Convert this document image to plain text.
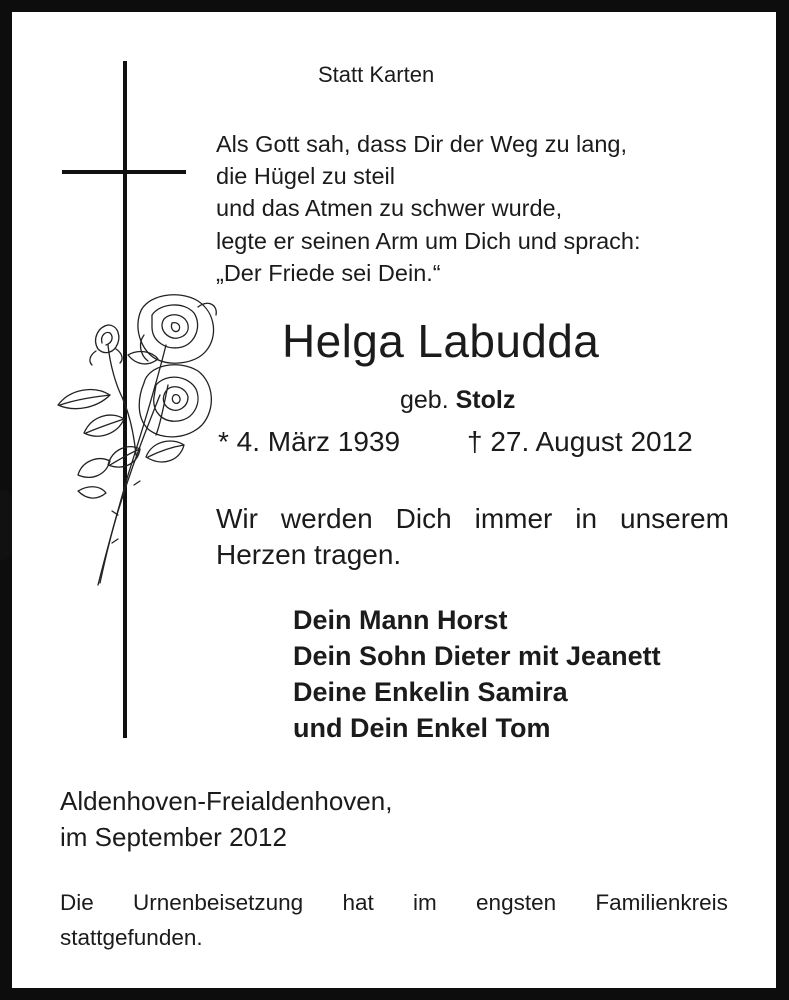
Statt Karten
Als Gott sah, dass Dir der Weg zu lang,
die Hügel zu steil
und das Atmen zu schwer wurde,
legte er seinen Arm um Dich und sprach:
„Der Friede sei Dein.“
Helga Labudda
geb. Stolz
* 4. März 1939 † 27. August 2012
Wir werden Dich immer in unserem
Herzen tragen.
Dein Mann Horst
Dein Sohn Dieter mit Jeanett
Deine Enkelin Samira
und Dein Enkel Tom
Aldenhoven-Freialdenhoven,
im September 2012
Die Urnenbeisetzung hat im engsten Familienkreis
stattgefunden.
